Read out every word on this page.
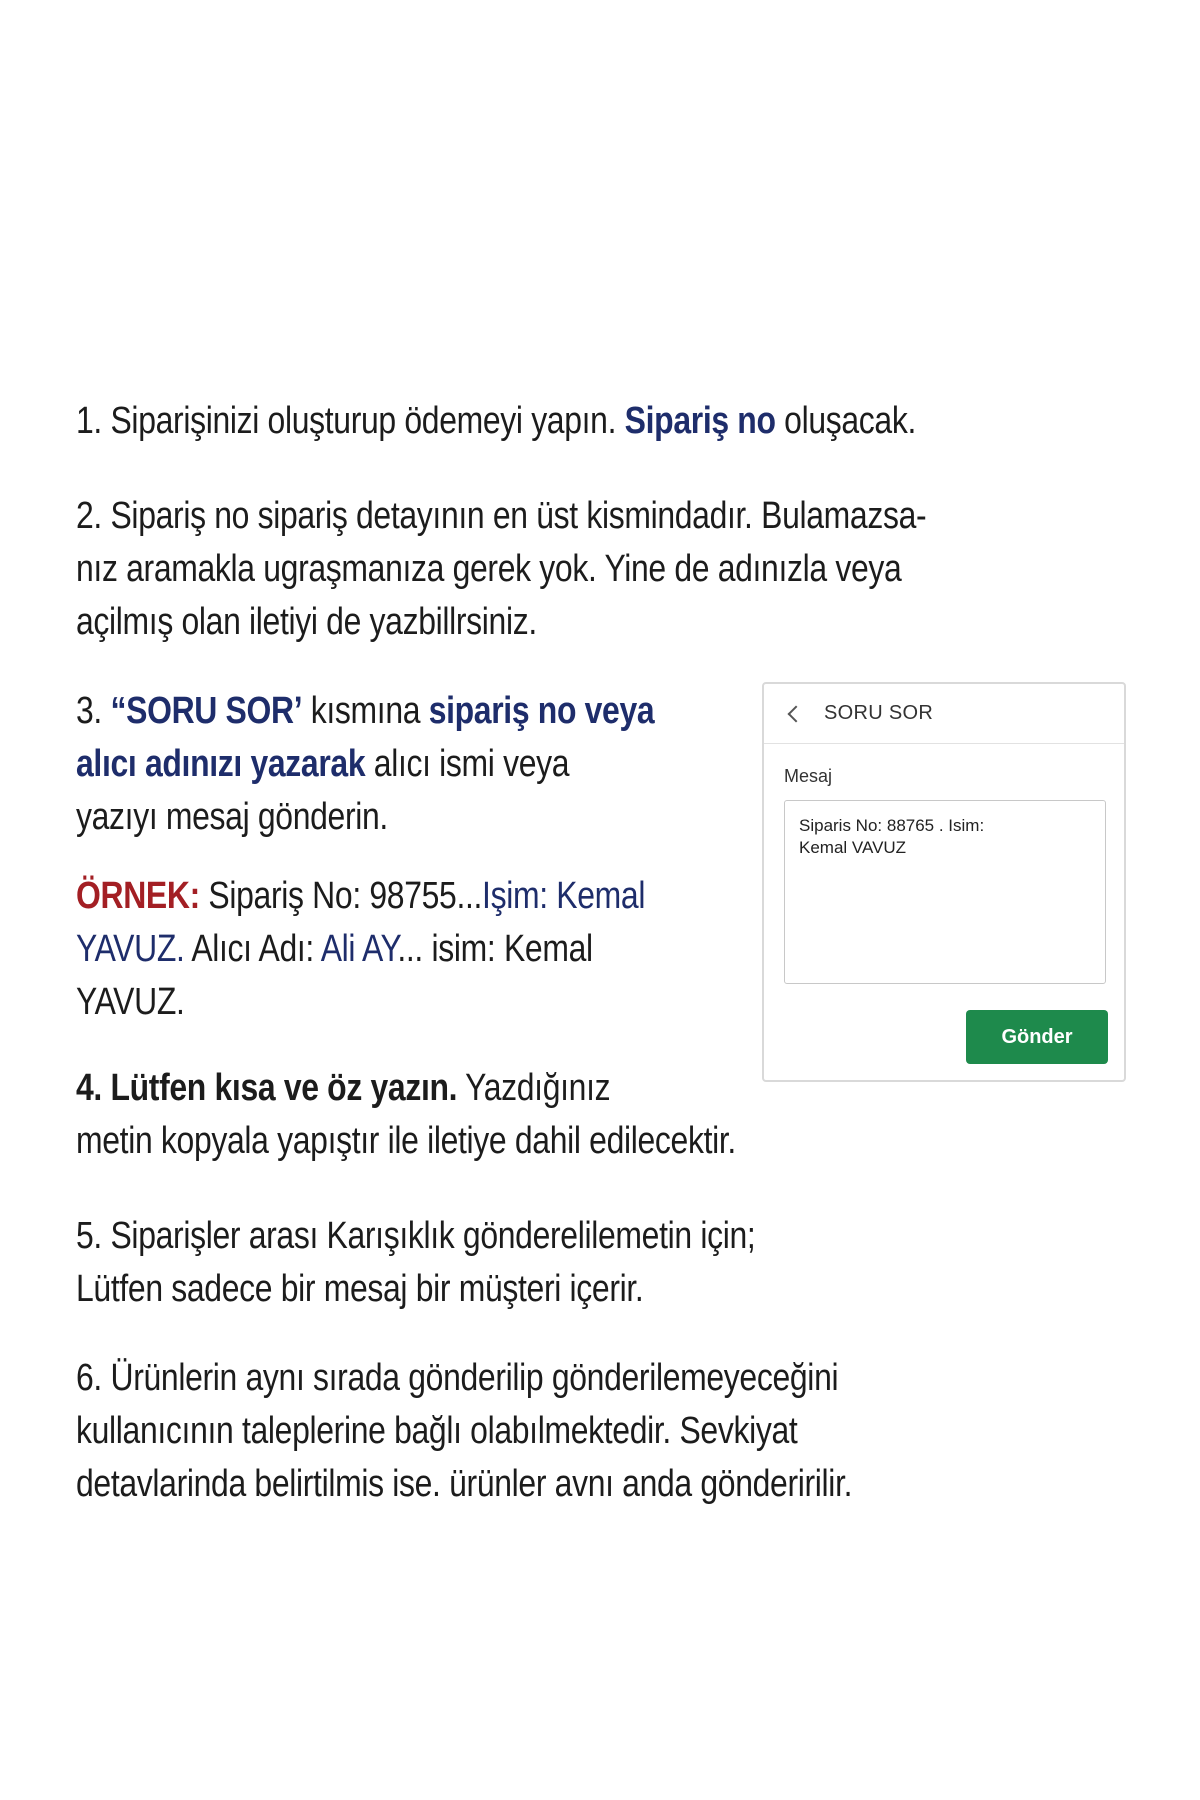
1. Siparişinizi oluşturup ödemeyi yapın. Sipariş no oluşacak.

2. Sipariş no sipariş detayının en üst kismindadır. Bulamazsa-
nız aramakla ugraşmanıza gerek yok. Yine de adınızla veya
açilmış olan iletiyi de yazbillrsiniz.

3. “SORU SOR’ kısmına sipariş no veya
alıcı adınızı yazarak alıcı ismi veya
yazıyı mesaj gönderin.

ÖRNEK: Sipariş No: 98755...Işim: Kemal
YAVUZ. Alıcı Adı: Ali AY... isim: Kemal
YAVUZ.

4. Lütfen kısa ve öz yazın. Yazdığınız
metin kopyala yapıştır ile iletiye dahil edilecektir.

5. Siparişler arası Karışıklık gönderelilemetin için;
Lütfen sadece bir mesaj bir müşteri içerir.

6. Ürünlerin aynı sırada gönderilip gönderilemeyeceğini
kullanıcının taleplerine bağlı olabılmektedir. Sevkiyat
detavlarinda belirtilmis ise. ürünler avnı anda gönderirilir.

SORU SOR
Mesaj
Siparis No: 88765 . Isim:
Kemal VAVUZ
Gönder
